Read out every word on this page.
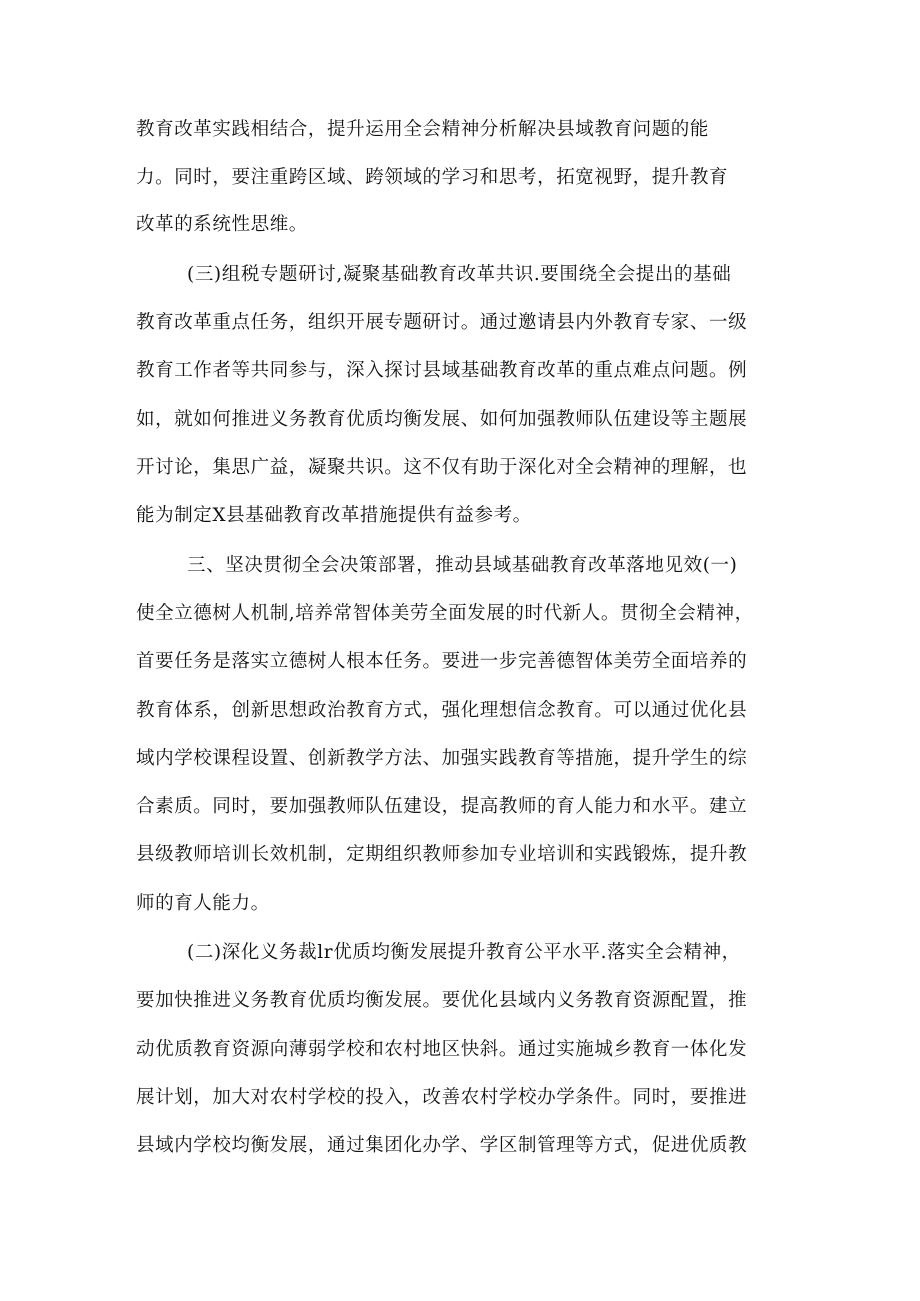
教育改革实践相结合，提升运用全会精神分析解决县域教育问题的能
力。同时，要注重跨区域、跨领域的学习和思考，拓宽视野，提升教育
改革的系统性思维。
(三)组税专题研讨,凝聚基础教育改革共识.要围绕全会提出的基础
教育改革重点任务，组织开展专题研讨。通过邀请县内外教育专家、一级
教育工作者等共同参与，深入探讨县域基础教育改革的重点难点问题。例
如，就如何推进义务教育优质均衡发展、如何加强教师队伍建设等主题展
开讨论，集思广益，凝聚共识。这不仅有助于深化对全会精神的理解，也
能为制定X县基础教育改革措施提供有益参考。
三、坚决贯彻全会决策部署，推动县域基础教育改革落地见效(一)
使全立德树人机制,培养常智体美劳全面发展的时代新人。贯彻全会精神，
首要任务是落实立德树人根本任务。要进一步完善德智体美劳全面培养的
教育体系，创新思想政治教育方式，强化理想信念教育。可以通过优化县
域内学校课程设置、创新教学方法、加强实践教育等措施，提升学生的综
合素质。同时，要加强教师队伍建设，提高教师的育人能力和水平。建立
县级教师培训长效机制，定期组织教师参加专业培训和实践锻炼，提升教
师的育人能力。
(二)深化义务裁lr优质均衡发展提升教育公平水平.落实全会精神，
要加快推进义务教育优质均衡发展。要优化县域内义务教育资源配置，推
动优质教育资源向薄弱学校和农村地区快斜。通过实施城乡教育一体化发
展计划，加大对农村学校的投入，改善农村学校办学条件。同时，要推进
县域内学校均衡发展，通过集团化办学、学区制管理等方式，促进优质教
